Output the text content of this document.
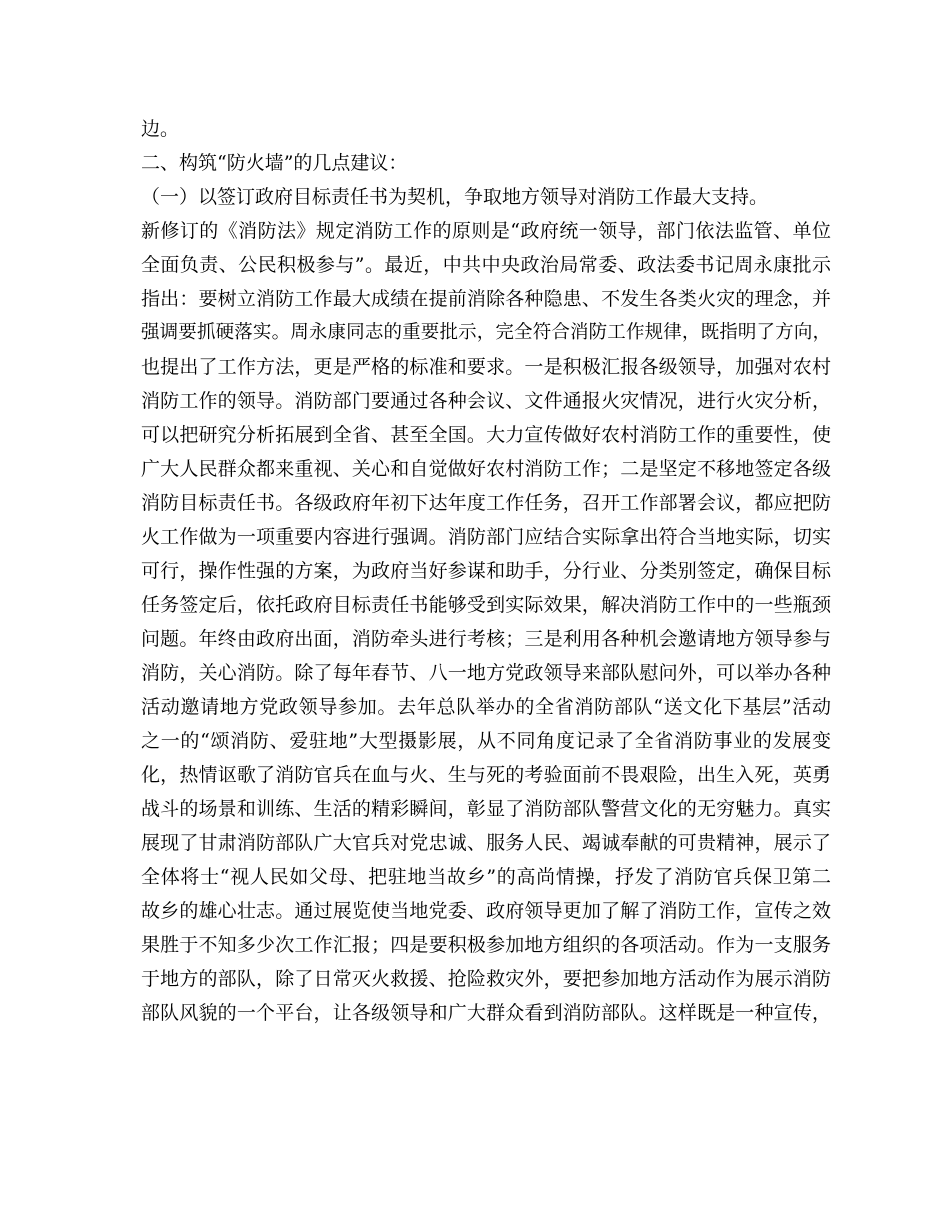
边。
二、构筑“防火墙”的几点建议：
（一）以签订政府目标责任书为契机，争取地方领导对消防工作最大支持。
新修订的《消防法》规定消防工作的原则是“政府统一领导，部门依法监管、单位
全面负责、公民积极参与”。最近，中共中央政治局常委、政法委书记周永康批示
指出：要树立消防工作最大成绩在提前消除各种隐患、不发生各类火灾的理念，并
强调要抓硬落实。周永康同志的重要批示，完全符合消防工作规律，既指明了方向，
也提出了工作方法，更是严格的标准和要求。一是积极汇报各级领导，加强对农村
消防工作的领导。消防部门要通过各种会议、文件通报火灾情况，进行火灾分析，
可以把研究分析拓展到全省、甚至全国。大力宣传做好农村消防工作的重要性，使
广大人民群众都来重视、关心和自觉做好农村消防工作；二是坚定不移地签定各级
消防目标责任书。各级政府年初下达年度工作任务，召开工作部署会议，都应把防
火工作做为一项重要内容进行强调。消防部门应结合实际拿出符合当地实际，切实
可行，操作性强的方案，为政府当好参谋和助手，分行业、分类别签定，确保目标
任务签定后，依托政府目标责任书能够受到实际效果，解决消防工作中的一些瓶颈
问题。年终由政府出面，消防牵头进行考核；三是利用各种机会邀请地方领导参与
消防，关心消防。除了每年春节、八一地方党政领导来部队慰问外，可以举办各种
活动邀请地方党政领导参加。去年总队举办的全省消防部队“送文化下基层”活动
之一的“颂消防、爱驻地”大型摄影展，从不同角度记录了全省消防事业的发展变
化，热情讴歌了消防官兵在血与火、生与死的考验面前不畏艰险，出生入死，英勇
战斗的场景和训练、生活的精彩瞬间，彰显了消防部队警营文化的无穷魅力。真实
展现了甘肃消防部队广大官兵对党忠诚、服务人民、竭诚奉献的可贵精神，展示了
全体将士“视人民如父母、把驻地当故乡”的高尚情操，抒发了消防官兵保卫第二
故乡的雄心壮志。通过展览使当地党委、政府领导更加了解了消防工作，宣传之效
果胜于不知多少次工作汇报；四是要积极参加地方组织的各项活动。作为一支服务
于地方的部队，除了日常灭火救援、抢险救灾外，要把参加地方活动作为展示消防
部队风貌的一个平台，让各级领导和广大群众看到消防部队。这样既是一种宣传，
